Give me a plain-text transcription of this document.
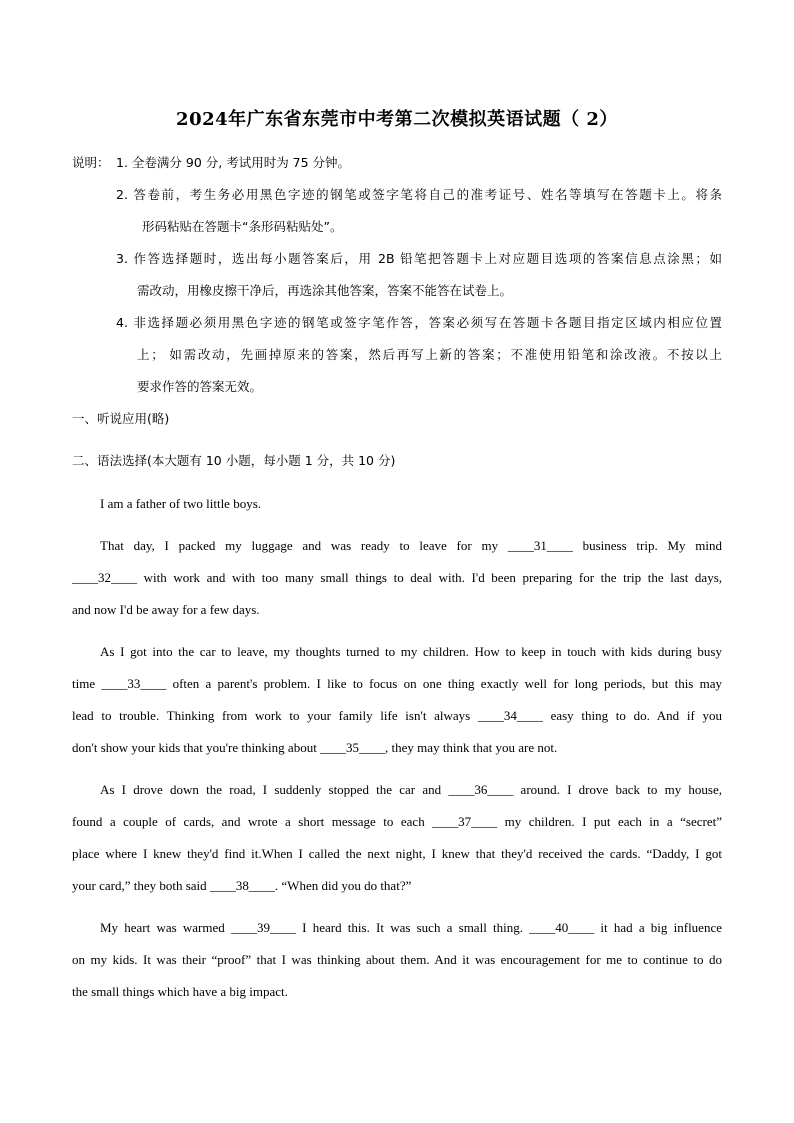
2024年广东省东莞市中考第二次模拟英语试题（ 2）
说明： 1. 全卷满分 90 分, 考试用时为 75 分钟。
2. 答卷前，考生务必用黑色字迹的钢笔或签字笔将自己的准考证号、姓名等填写在答题卡上。将条
形码粘贴在答题卡“条形码粘贴处”。
3. 作答选择题时，选出每小题答案后，用 2B 铅笔把答题卡上对应题目选项的答案信息点涂黑；如
需改动，用橡皮擦干净后，再选涂其他答案，答案不能答在试卷上。
4. 非选择题必须用黑色字迹的钢笔或签字笔作答，答案必须写在答题卡各题目指定区域内相应位置
上； 如需改动，先画掉原来的答案，然后再写上新的答案；不准使用铅笔和涂改液。不按以上
要求作答的答案无效。
一、听说应用(略)
二、语法选择(本大题有 10 小题，每小题 1 分，共 10 分)
I am a father of two little boys.
That day, I packed my luggage and was ready to leave for my ____31____ business trip. My mind
____32____ with work and with too many small things to deal with. I'd been preparing for the trip the last days,
and now I'd be away for a few days.
As I got into the car to leave, my thoughts turned to my children. How to keep in touch with kids during busy
time ____33____ often a parent's problem. I like to focus on one thing exactly well for long periods, but this may
lead to trouble. Thinking from work to your family life isn't always ____34____ easy thing to do. And if you
don't show your kids that you're thinking about ____35____, they may think that you are not.
As I drove down the road, I suddenly stopped the car and ____36____ around. I drove back to my house,
found a couple of cards, and wrote a short message to each ____37____ my children. I put each in a “secret”
place where I knew they'd find it.When I called the next night, I knew that they'd received the cards. “Daddy, I got
your card,” they both said ____38____. “When did you do that?”
My heart was warmed ____39____ I heard this. It was such a small thing. ____40____ it had a big influence
on my kids. It was their “proof” that I was thinking about them. And it was encouragement for me to continue to do
the small things which have a big impact.
